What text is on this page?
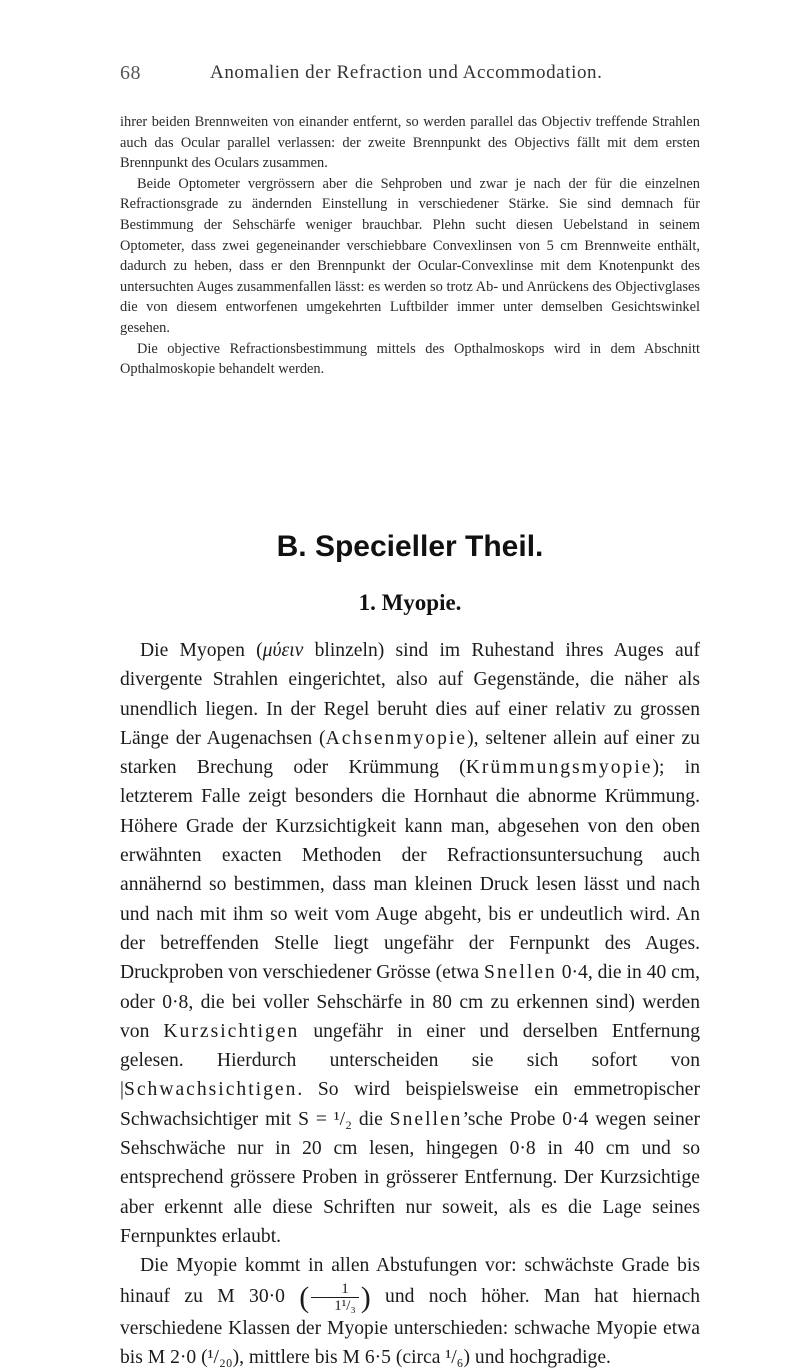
68	Anomalien der Refraction und Accommodation.

ihrer beiden Brennweiten von einander entfernt, so werden parallel das Objectiv treffende Strahlen auch das Ocular parallel verlassen: der zweite Brennpunkt des Objectivs fällt mit dem ersten Brennpunkt des Oculars zusammen.

Beide Optometer vergrössern aber die Sehproben und zwar je nach der für die einzelnen Refractionsgrade zu ändernden Einstellung in verschiedener Stärke. Sie sind demnach für Bestimmung der Sehschärfe weniger brauchbar. Plehn sucht diesen Uebelstand in seinem Optometer, dass zwei gegeneinander verschiebbare Convexlinsen von 5 cm Brennweite enthält, dadurch zu heben, dass er den Brennpunkt der Ocular-Convexlinse mit dem Knotenpunkt des untersuchten Auges zusammenfallen lässt: es werden so trotz Ab- und Anrückens des Objectivglases die von diesem entworfenen umgekehrten Luftbilder immer unter demselben Gesichtswinkel gesehen.

Die objective Refractionsbestimmung mittels des Opthalmoskops wird in dem Abschnitt Opthalmoskopie behandelt werden.

B. Specieller Theil.
1. Myopie.

Die Myopen (μύειν blinzeln) sind im Ruhestand ihres Auges auf divergente Strahlen eingerichtet, also auf Gegenstände, die näher als unendlich liegen. In der Regel beruht dies auf einer relativ zu grossen Länge der Augenachsen (Achsenmyopie), seltener allein auf einer zu starken Brechung oder Krümmung (Krümmungsmyopie); in letzterem Falle zeigt besonders die Hornhaut die abnorme Krümmung. Höhere Grade der Kurzsichtigkeit kann man, abgesehen von den oben erwähnten exacten Methoden der Refractionsuntersuchung auch annähernd so bestimmen, dass man kleinen Druck lesen lässt und nach und nach mit ihm so weit vom Auge abgeht, bis er undeutlich wird. An der betreffenden Stelle liegt ungefähr der Fernpunkt des Auges. Druckproben von verschiedener Grösse (etwa Snellen 0·4, die in 40 cm, oder 0·8, die bei voller Sehschärfe in 80 cm zu erkennen sind) werden von Kurzsichtigen ungefähr in einer und derselben Entfernung gelesen. Hierdurch unterscheiden sie sich sofort von |Schwachsichtigen. So wird beispielsweise ein emmetropischer Schwachsichtiger mit S = ¹/₂ die Snellen’sche Probe 0·4 wegen seiner Sehschwäche nur in 20 cm lesen, hingegen 0·8 in 40 cm und so entsprechend grössere Proben in grösserer Entfernung. Der Kurzsichtige aber erkennt alle diese Schriften nur soweit, als es die Lage seines Fernpunktes erlaubt.

Die Myopie kommt in allen Abstufungen vor: schwächste Grade bis hinauf zu M 30·0 ( $\frac{1}{\text{1¹/₃}}$ ) und noch höher. Man hat hiernach verschiedene Klassen der Myopie unterschieden: schwache Myopie etwa bis M 2·0 (¹/₂₀), mittlere bis M 6·5 (circa ¹/₆) und hochgradige.
